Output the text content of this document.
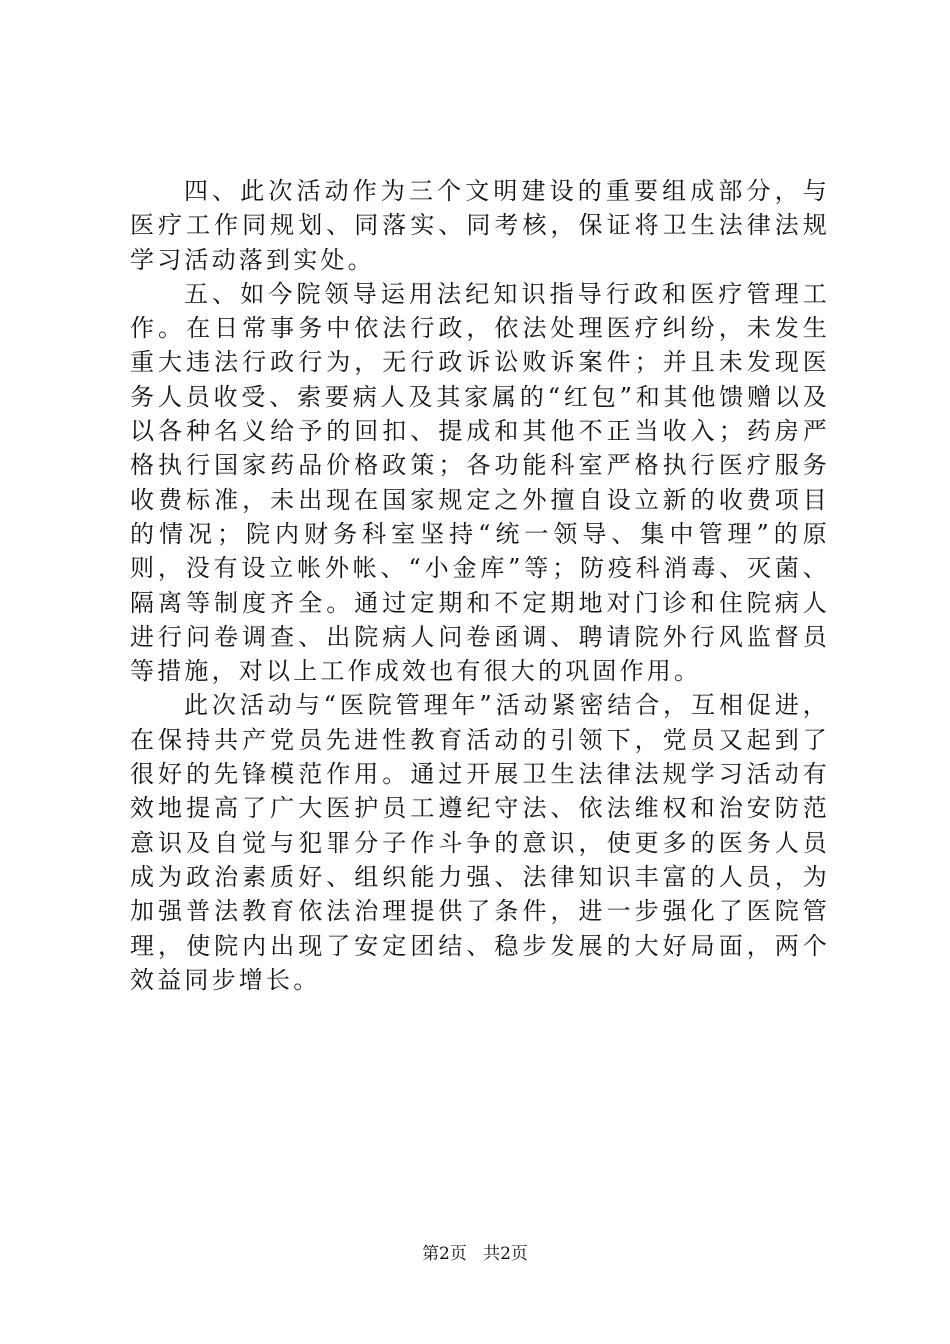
四、此次活动作为三个文明建设的重要组成部分，与医疗工作同规划、同落实、同考核，保证将卫生法律法规学习活动落到实处。

五、如今院领导运用法纪知识指导行政和医疗管理工作。在日常事务中依法行政，依法处理医疗纠纷，未发生重大违法行政行为，无行政诉讼败诉案件；并且未发现医务人员收受、索要病人及其家属的“红包”和其他馈赠以及以各种名义给予的回扣、提成和其他不正当收入；药房严格执行国家药品价格政策；各功能科室严格执行医疗服务收费标准，未出现在国家规定之外擅自设立新的收费项目的情况；院内财务科室坚持“统一领导、集中管理”的原则，没有设立帐外帐、“小金库”等；防疫科消毒、灭菌、隔离等制度齐全。通过定期和不定期地对门诊和住院病人进行问卷调查、出院病人问卷函调、聘请院外行风监督员等措施，对以上工作成效也有很大的巩固作用。

此次活动与“医院管理年”活动紧密结合，互相促进，在保持共产党员先进性教育活动的引领下，党员又起到了很好的先锋模范作用。通过开展卫生法律法规学习活动有效地提高了广大医护员工遵纪守法、依法维权和治安防范意识及自觉与犯罪分子作斗争的意识，使更多的医务人员成为政治素质好、组织能力强、法律知识丰富的人员，为加强普法教育依法治理提供了条件，进一步强化了医院管理，使院内出现了安定团结、稳步发展的大好局面，两个效益同步增长。

第2页 共2页
